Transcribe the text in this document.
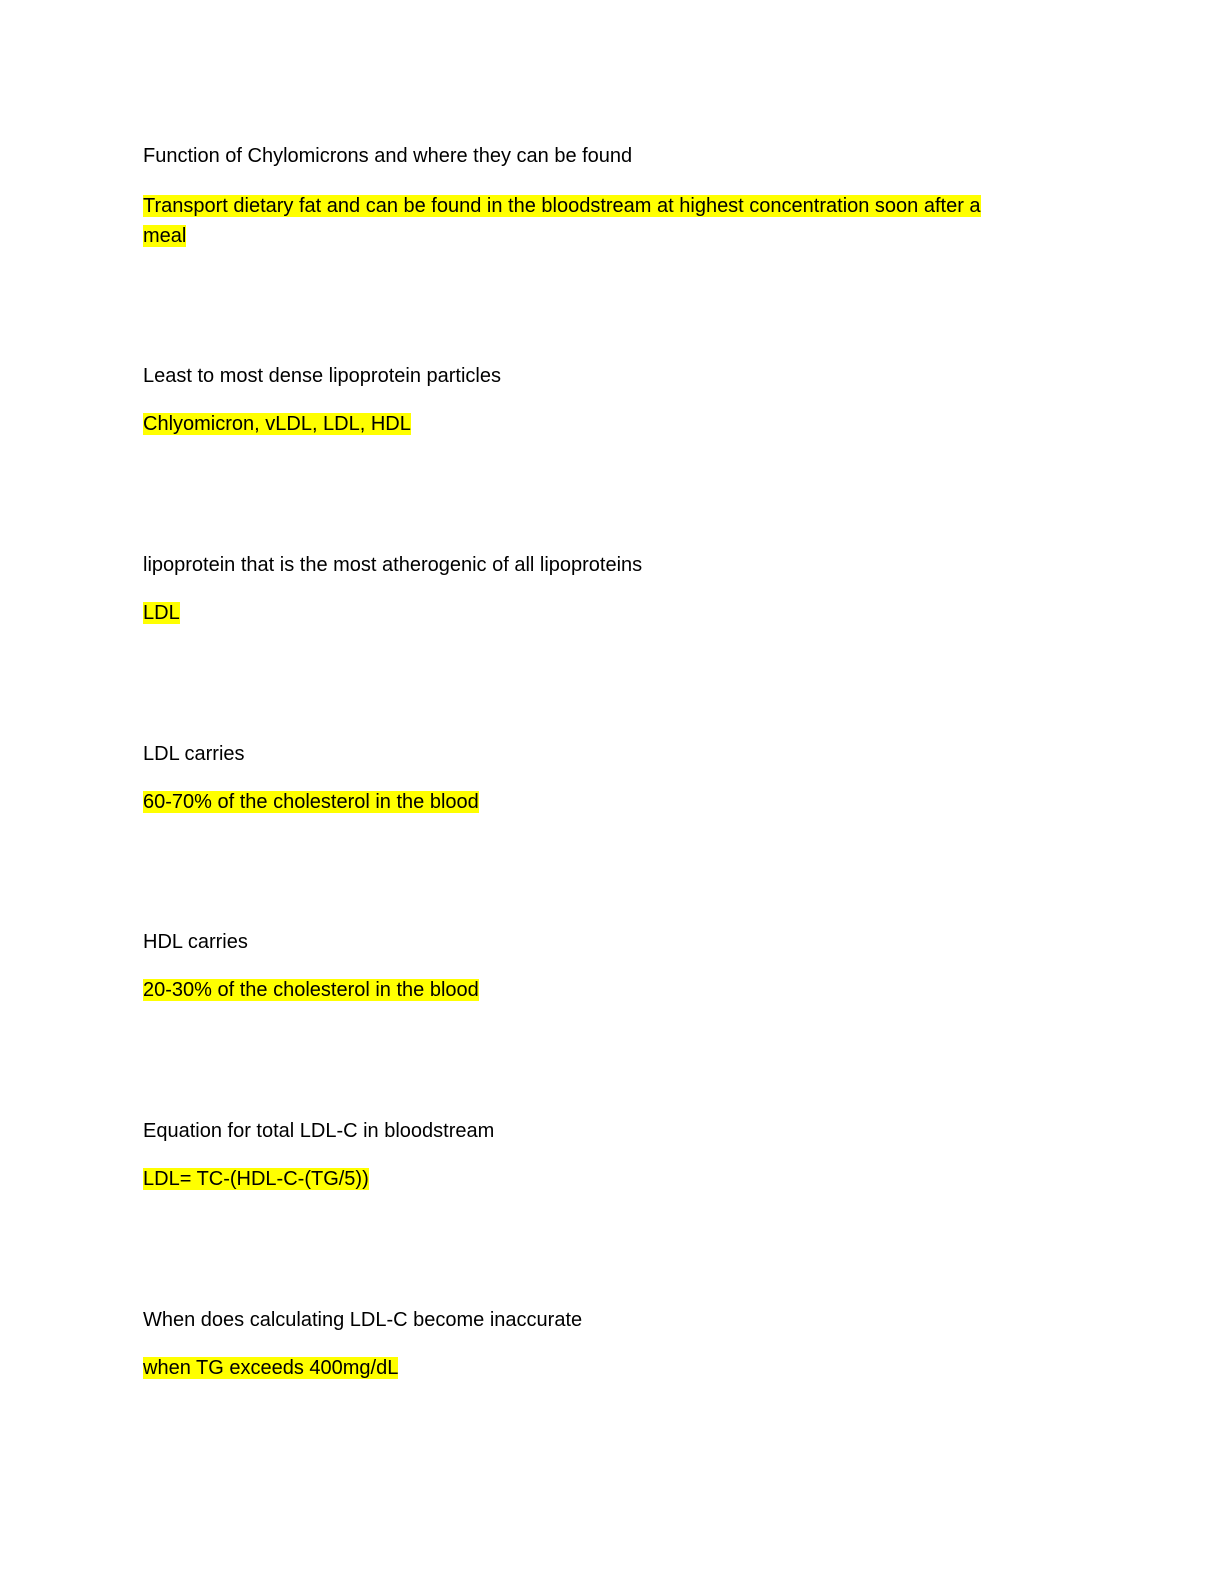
Function of Chylomicrons and where they can be found
Transport dietary fat and can be found in the bloodstream at highest concentration soon after a
meal
Least to most dense lipoprotein particles
Chlyomicron, vLDL, LDL, HDL
lipoprotein that is the most atherogenic of all lipoproteins
LDL
LDL carries
60-70% of the cholesterol in the blood
HDL carries
20-30% of the cholesterol in the blood
Equation for total LDL-C in bloodstream
LDL= TC-(HDL-C-(TG/5))
When does calculating LDL-C become inaccurate
when TG exceeds 400mg/dL
